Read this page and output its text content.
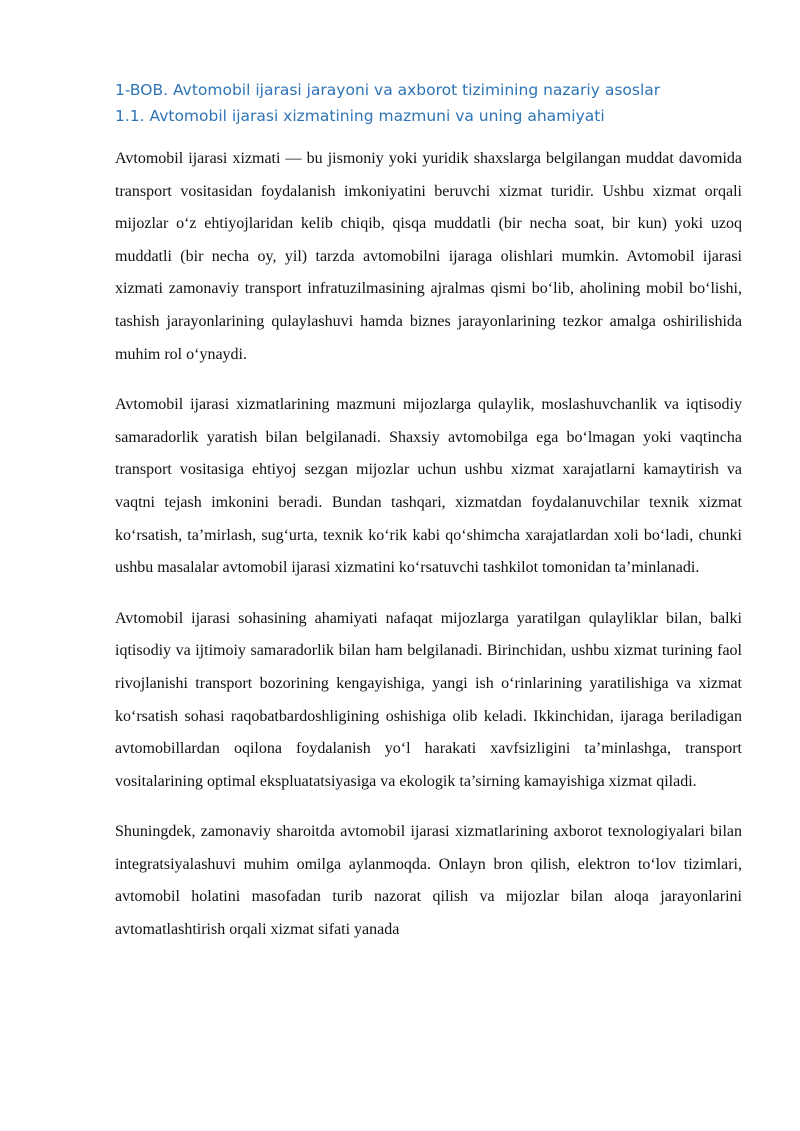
1-BOB. Avtomobil ijarasi jarayoni va axborot tizimining nazariy asoslar
1.1. Avtomobil ijarasi xizmatining mazmuni va uning ahamiyati

Avtomobil ijarasi xizmati — bu jismoniy yoki yuridik shaxslarga belgilangan muddat davomida transport vositasidan foydalanish imkoniyatini beruvchi xizmat turidir. Ushbu xizmat orqali mijozlar o‘z ehtiyojlaridan kelib chiqib, qisqa muddatli (bir necha soat, bir kun) yoki uzoq muddatli (bir necha oy, yil) tarzda avtomobilni ijaraga olishlari mumkin. Avtomobil ijarasi xizmati zamonaviy transport infratuzilmasining ajralmas qismi bo‘lib, aholining mobil bo‘lishi, tashish jarayonlarining qulaylashuvi hamda biznes jarayonlarining tezkor amalga oshirilishida muhim rol o‘ynaydi.

Avtomobil ijarasi xizmatlarining mazmuni mijozlarga qulaylik, moslashuvchanlik va iqtisodiy samaradorlik yaratish bilan belgilanadi. Shaxsiy avtomobilga ega bo‘lmagan yoki vaqtincha transport vositasiga ehtiyoj sezgan mijozlar uchun ushbu xizmat xarajatlarni kamaytirish va vaqtni tejash imkonini beradi. Bundan tashqari, xizmatdan foydalanuvchilar texnik xizmat ko‘rsatish, ta’mirlash, sug‘urta, texnik ko‘rik kabi qo‘shimcha xarajatlardan xoli bo‘ladi, chunki ushbu masalalar avtomobil ijarasi xizmatini ko‘rsatuvchi tashkilot tomonidan ta’minlanadi.

Avtomobil ijarasi sohasining ahamiyati nafaqat mijozlarga yaratilgan qulayliklar bilan, balki iqtisodiy va ijtimoiy samaradorlik bilan ham belgilanadi. Birinchidan, ushbu xizmat turining faol rivojlanishi transport bozorining kengayishiga, yangi ish o‘rinlarining yaratilishiga va xizmat ko‘rsatish sohasi raqobatbardoshligining oshishiga olib keladi. Ikkinchidan, ijaraga beriladigan avtomobillardan oqilona foydalanish yo‘l harakati xavfsizligini ta’minlashga, transport vositalarining optimal ekspluatatsiyasiga va ekologik ta’sirning kamayishiga xizmat qiladi.

Shuningdek, zamonaviy sharoitda avtomobil ijarasi xizmatlarining axborot texnologiyalari bilan integratsiyalashuvi muhim omilga aylanmoqda. Onlayn bron qilish, elektron to‘lov tizimlari, avtomobil holatini masofadan turib nazorat qilish va mijozlar bilan aloqa jarayonlarini avtomatlashtirish orqali xizmat sifati yanada
